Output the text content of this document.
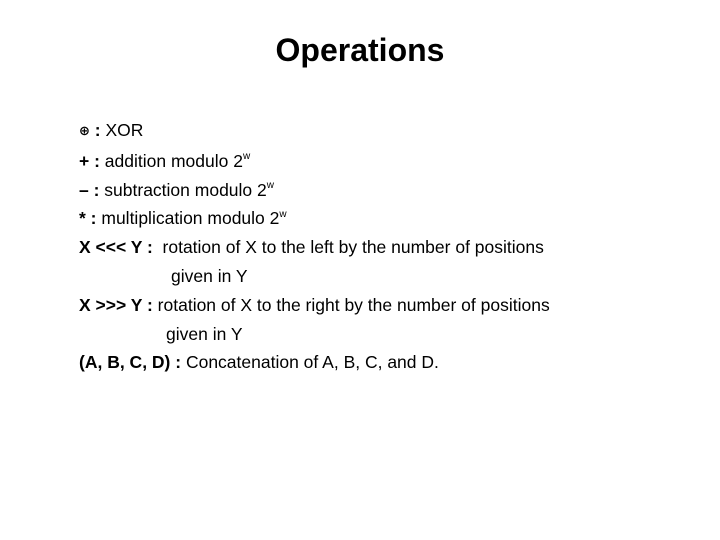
Operations
⊕ : XOR
+ : addition modulo 2$^w$
– : subtraction modulo 2$^w$
* : multiplication modulo 2$^w$
X <<< Y :  rotation of X to the left by the number of positions
given in Y
X >>> Y : rotation of X to the right by the number of positions
given in Y
(A, B, C, D) : Concatenation of A, B, C, and D.
